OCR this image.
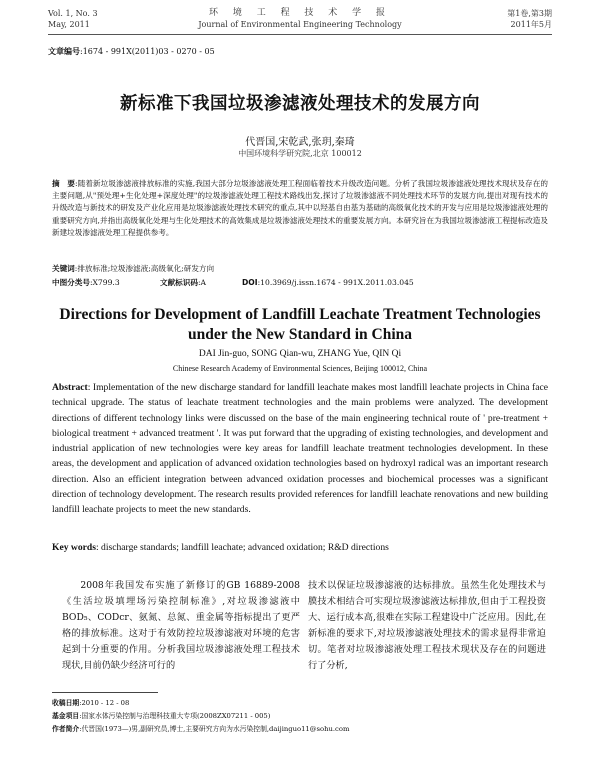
Vol. 1, No. 3
May, 2011
环 境 工 程 技 术 学 报
Journal of Environmental Engineering Technology
第1卷,第3期
2011年5月
文章编号:1674 - 991X(2011)03 - 0270 - 05
新标准下我国垃圾渗滤液处理技术的发展方向
代晋国,宋乾武,张玥,秦琦
中国环境科学研究院,北京 100012
摘　要:随着新垃圾渗滤液排放标准的实施,我国大部分垃圾渗滤液处理工程面临着技术升级改造问题。分析了我国垃圾渗滤液处理技术现状及存在的主要问题,从"预处理+生化处理+深度处理"的垃圾渗滤液处理工程技术路线出发,探讨了垃圾渗滤液不同处理技术环节的发展方向,提出对现有技术的升级改造与新技术的研发及产业化应用是垃圾渗滤液处理技术研究的重点,其中以羟基自由基为基础的高级氧化技术的开发与应用是垃圾渗滤液处理的重要研究方向,并指出高级氧化处理与生化处理技术的高效集成是垃圾渗滤液处理技术的重要发展方向。本研究旨在为我国垃圾渗滤液工程提标改造及新建垃圾渗滤液处理工程提供参考。
关键词:排放标准;垃圾渗滤液;高级氧化;研发方向
中图分类号:X799.3	文献标识码:A	DOI:10.3969/j.issn.1674 - 991X.2011.03.045
Directions for Development of Landfill Leachate Treatment Technologies
under the New Standard in China
DAI Jin-guo, SONG Qian-wu, ZHANG Yue, QIN Qi
Chinese Research Academy of Environmental Sciences, Beijing 100012, China
Abstract: Implementation of the new discharge standard for landfill leachate makes most landfill leachate projects in China face technical upgrade. The status of leachate treatment technologies and the main problems were analyzed. The development directions of different technology links were discussed on the base of the main engineering technical route of ' pre-treatment + biological treatment + advanced treatment '. It was put forward that the upgrading of existing technologies, and development and industrial application of new technologies were key areas for landfill leachate treatment technologies development. In these areas, the development and application of advanced oxidation technologies based on hydroxyl radical was an important research direction. Also an efficient integration between advanced oxidation processes and biochemical processes was a significant direction of technology development. The research results provided references for landfill leachate renovations and new building landfill leachate projects to meet the new standards.
Key words: discharge standards; landfill leachate; advanced oxidation; R&D directions

2008年我国发布实施了新修订的GB 16889-2008《生活垃圾填埋场污染控制标准》,对垃圾渗滤液中BOD₅、CODcr、氨氮、总氮、重金属等指标提出了更严格的排放标准。这对于有效防控垃圾渗滤液对环境的危害起到十分重要的作用。分析我国垃圾渗滤液处理工程技术现状,目前仍缺少经济可行的

技术以保证垃圾渗滤液的达标排放。虽然生化处理技术与膜技术相结合可实现垃圾渗滤液达标排放,但由于工程投资大、运行成本高,很难在实际工程建设中广泛应用。因此,在新标准的要求下,对垃圾渗滤液处理技术的需求显得非常迫切。笔者对垃圾渗滤液处理工程技术现状及存在的问题进行了分析,

收稿日期:2010 - 12 - 08
基金项目:国家水体污染控制与治理科技重大专项(2008ZX07211 - 005)
作者简介:代晋国(1973—)男,副研究员,博士,主要研究方向为水污染控制,daijinguo11@sohu.com
